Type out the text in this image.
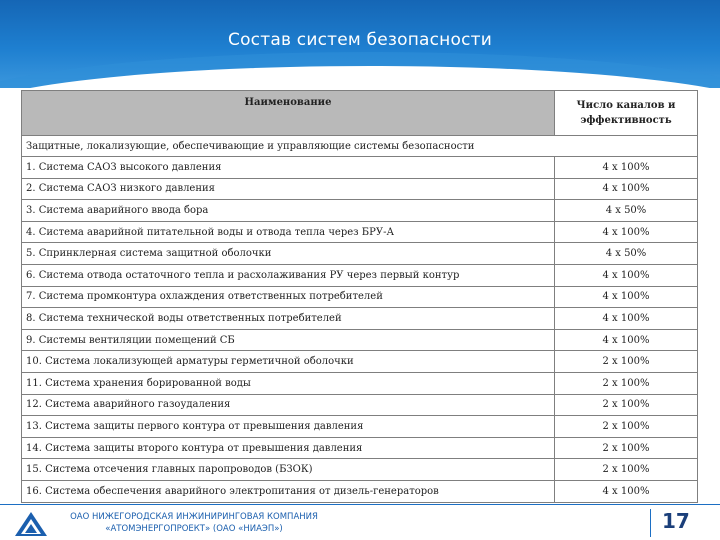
Состав систем безопасности
Наименование	Число каналов и эффективность
Защитные, локализующие, обеспечивающие и управляющие системы безопасности	
1. Система САОЗ высокого давления	4 х 100%
2. Система САОЗ низкого давления	4 х 100%
3. Система аварийного ввода бора	4 х 50%
4. Система аварийной питательной воды и отвода тепла через БРУ-А	4 х 100%
5. Спринклерная система защитной оболочки	4 х 50%
6. Система отвода остаточного тепла и расхолаживания РУ через первый контур	4 х 100%
7. Система промконтура охлаждения ответственных потребителей	4 х 100%
8. Система технической воды ответственных потребителей	4 х 100%
9. Системы вентиляции помещений СБ	4 х 100%
10. Система локализующей арматуры герметичной оболочки	2 х 100%
11. Система хранения борированной воды	2 х 100%
12. Система аварийного газоудаления	2 х 100%
13. Система защиты первого контура от превышения давления	2 х 100%
14. Система защиты второго контура от превышения давления	2 х 100%
15. Система отсечения главных паропроводов (БЗОК)	2 х 100%
16. Система обеспечения аварийного электропитания от дизель-генераторов	4 х 100%
ОАО НИЖЕГОРОДСКАЯ ИНЖИНИРИНГОВАЯ КОМПАНИЯ
«АТОМЭНЕРГОПРОЕКТ» (ОАО «НИАЭП»)	17
